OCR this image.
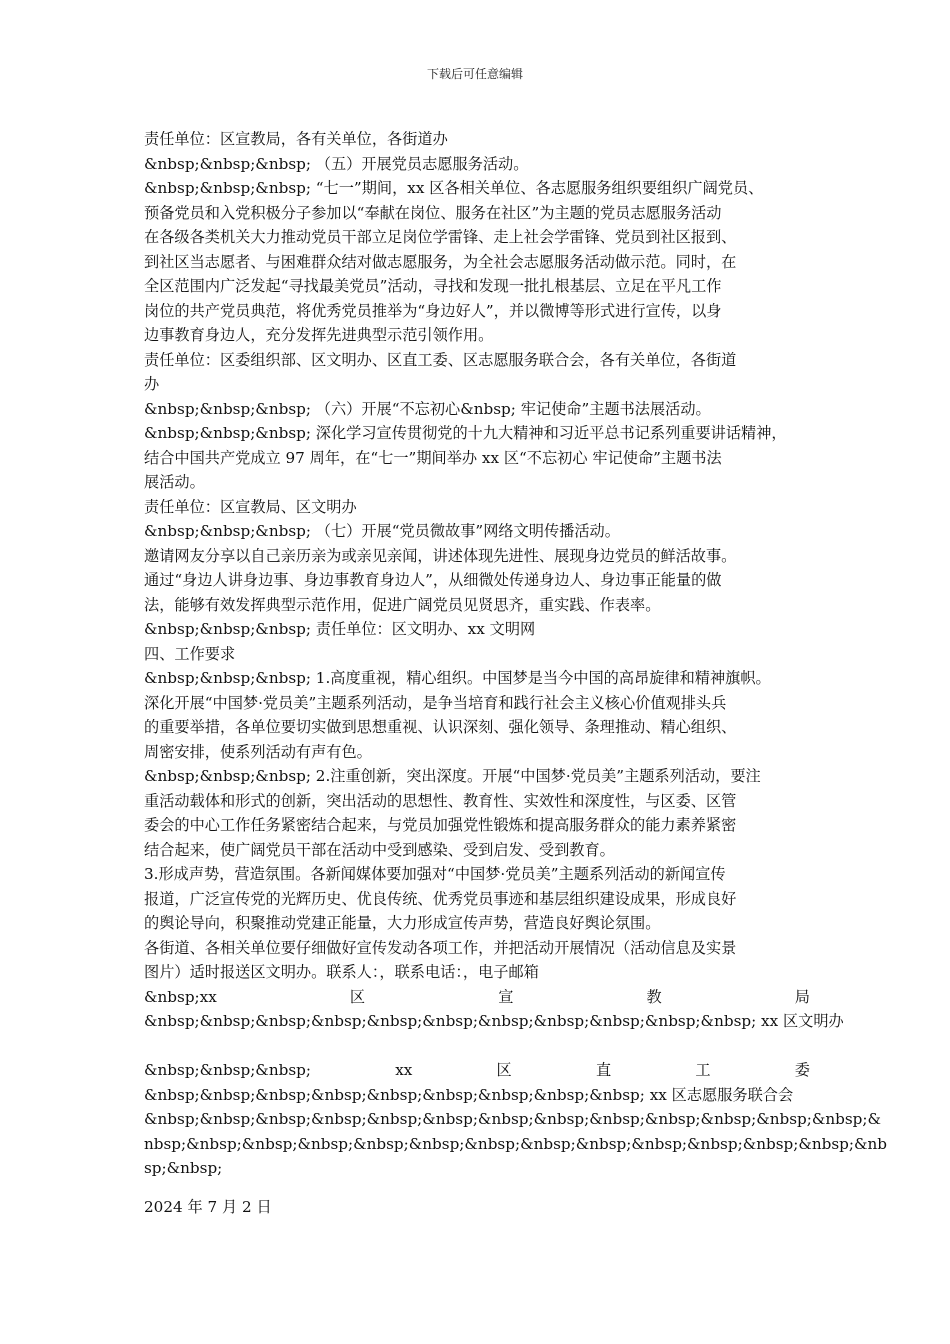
下载后可任意编辑
责任单位：区宣教局，各有关单位，各街道办
&nbsp;&nbsp;&nbsp; （五）开展党员志愿服务活动。
&nbsp;&nbsp;&nbsp; “七一”期间，xx 区各相关单位、各志愿服务组织要组织广阔党员、
预备党员和入党积极分子参加以“奉献在岗位、服务在社区”为主题的党员志愿服务活动
在各级各类机关大力推动党员干部立足岗位学雷锋、走上社会学雷锋、党员到社区报到、
到社区当志愿者、与困难群众结对做志愿服务，为全社会志愿服务活动做示范。同时，在
全区范围内广泛发起“寻找最美党员”活动，寻找和发现一批扎根基层、立足在平凡工作
岗位的共产党员典范，将优秀党员推举为“身边好人”，并以微博等形式进行宣传，以身
边事教育身边人，充分发挥先进典型示范引领作用。
责任单位：区委组织部、区文明办、区直工委、区志愿服务联合会，各有关单位，各街道
办
&nbsp;&nbsp;&nbsp; （六）开展“不忘初心&nbsp; 牢记使命”主题书法展活动。
&nbsp;&nbsp;&nbsp; 深化学习宣传贯彻党的十九大精神和习近平总书记系列重要讲话精神，
结合中国共产党成立 97 周年，在“七一”期间举办 xx 区“不忘初心 牢记使命”主题书法
展活动。
责任单位：区宣教局、区文明办
&nbsp;&nbsp;&nbsp; （七）开展“党员微故事”网络文明传播活动。
邀请网友分享以自己亲历亲为或亲见亲闻，讲述体现先进性、展现身边党员的鲜活故事。
通过“身边人讲身边事、身边事教育身边人”，从细微处传递身边人、身边事正能量的做
法，能够有效发挥典型示范作用，促进广阔党员见贤思齐，重实践、作表率。
&nbsp;&nbsp;&nbsp; 责任单位：区文明办、xx 文明网
四、工作要求
&nbsp;&nbsp;&nbsp; 1.高度重视，精心组织。中国梦是当今中国的高昂旋律和精神旗帜。
深化开展“中国梦·党员美”主题系列活动，是争当培育和践行社会主义核心价值观排头兵
的重要举措，各单位要切实做到思想重视、认识深刻、强化领导、条理推动、精心组织、
周密安排，使系列活动有声有色。
&nbsp;&nbsp;&nbsp; 2.注重创新，突出深度。开展“中国梦·党员美”主题系列活动，要注
重活动载体和形式的创新，突出活动的思想性、教育性、实效性和深度性，与区委、区管
委会的中心工作任务紧密结合起来，与党员加强党性锻炼和提高服务群众的能力素养紧密
结合起来，使广阔党员干部在活动中受到感染、受到启发、受到教育。
3.形成声势，营造氛围。各新闻媒体要加强对“中国梦·党员美”主题系列活动的新闻宣传
报道，广泛宣传党的光辉历史、优良传统、优秀党员事迹和基层组织建设成果，形成良好
的舆论导向，积聚推动党建正能量，大力形成宣传声势，营造良好舆论氛围。
各街道、各相关单位要仔细做好宣传发动各项工作，并把活动开展情况（活动信息及实景
图片）适时报送区文明办。联系人：，联系电话：，电子邮箱
&nbsp;xx	区	宣	教	局
&nbsp;&nbsp;&nbsp;&nbsp;&nbsp;&nbsp;&nbsp;&nbsp;&nbsp;&nbsp;&nbsp; xx 区文明办
&nbsp;&nbsp;&nbsp;	xx	区	直	工	委
&nbsp;&nbsp;&nbsp;&nbsp;&nbsp;&nbsp;&nbsp;&nbsp;&nbsp; xx 区志愿服务联合会
&nbsp;&nbsp;&nbsp;&nbsp;&nbsp;&nbsp;&nbsp;&nbsp;&nbsp;&nbsp;&nbsp;&nbsp;&nbsp;&
nbsp;&nbsp;&nbsp;&nbsp;&nbsp;&nbsp;&nbsp;&nbsp;&nbsp;&nbsp;&nbsp;&nbsp;&nbsp;&nb
sp;&nbsp;
2024 年 7 月 2 日
